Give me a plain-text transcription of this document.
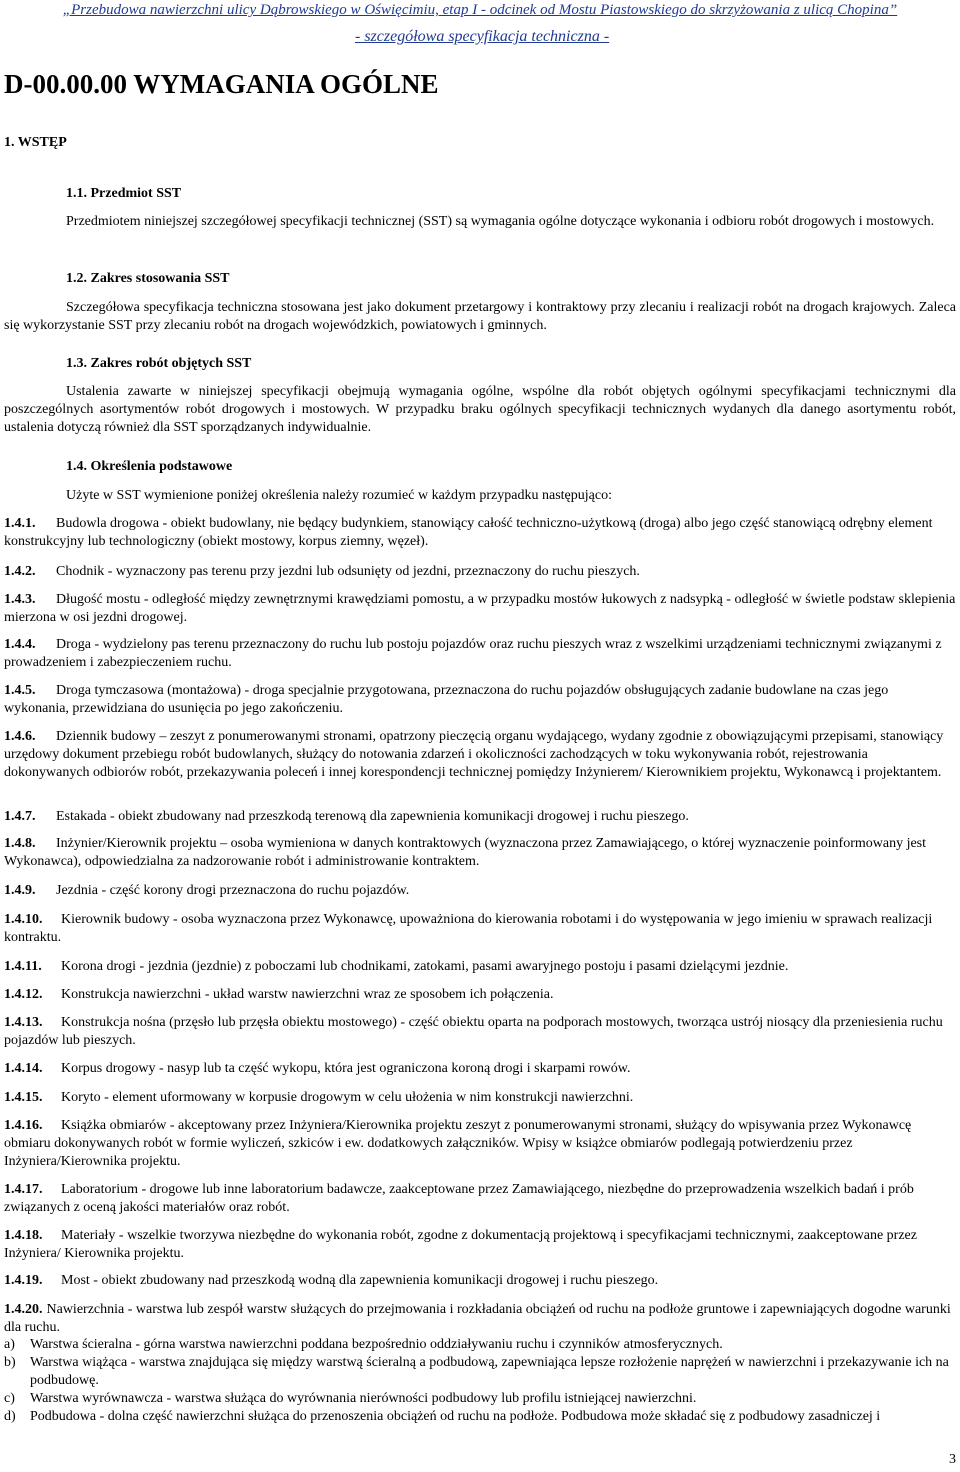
„Przebudowa nawierzchni ulicy Dąbrowskiego w Oświęcimiu, etap I - odcinek od Mostu Piastowskiego do skrzyżowania z ulicą Chopina”
- szczegółowa specyfikacja techniczna -
D-00.00.00 WYMAGANIA OGÓLNE
1. WSTĘP
1.1. Przedmiot SST
Przedmiotem niniejszej szczegółowej specyfikacji technicznej (SST) są wymagania ogólne dotyczące wykonania i odbioru robót drogowych i mostowych.
1.2. Zakres stosowania SST
Szczegółowa specyfikacja techniczna stosowana jest jako dokument przetargowy i kontraktowy przy zlecaniu i realizacji robót na drogach krajowych. Zaleca się wykorzystanie SST przy zlecaniu robót na drogach wojewódzkich, powiatowych i gminnych.
1.3. Zakres robót objętych SST
Ustalenia zawarte w niniejszej specyfikacji obejmują wymagania ogólne, wspólne dla robót objętych ogólnymi specyfikacjami technicznymi dla poszczególnych asortymentów robót drogowych i mostowych. W przypadku braku ogólnych specyfikacji technicznych wydanych dla danego asortymentu robót, ustalenia dotyczą również dla SST sporządzanych indywidualnie.
1.4. Określenia podstawowe
Użyte w SST wymienione poniżej określenia należy rozumieć w każdym przypadku następująco:
1.4.1. Budowla drogowa - obiekt budowlany, nie będący budynkiem, stanowiący całość techniczno-użytkową (droga) albo jego część stanowiącą odrębny element konstrukcyjny lub technologiczny (obiekt mostowy, korpus ziemny, węzeł).
1.4.2. Chodnik - wyznaczony pas terenu przy jezdni lub odsunięty od jezdni, przeznaczony do ruchu pieszych.
1.4.3. Długość mostu - odległość między zewnętrznymi krawędziami pomostu, a w przypadku mostów łukowych z nadsypką - odległość w świetle podstaw sklepienia mierzona w osi jezdni drogowej.
1.4.4. Droga - wydzielony pas terenu przeznaczony do ruchu lub postoju pojazdów oraz ruchu pieszych wraz z wszelkimi urządzeniami technicznymi związanymi z prowadzeniem i zabezpieczeniem ruchu.
1.4.5. Droga tymczasowa (montażowa) - droga specjalnie przygotowana, przeznaczona do ruchu pojazdów obsługujących zadanie budowlane na czas jego wykonania, przewidziana do usunięcia po jego zakończeniu.
1.4.6. Dziennik budowy – zeszyt z ponumerowanymi stronami, opatrzony pieczęcią organu wydającego, wydany zgodnie z obowiązującymi przepisami, stanowiący urzędowy dokument przebiegu robót budowlanych, służący do notowania zdarzeń i okoliczności zachodzących w toku wykonywania robót, rejestrowania dokonywanych odbiorów robót, przekazywania poleceń i innej korespondencji technicznej pomiędzy Inżynierem/ Kierownikiem projektu, Wykonawcą i projektantem.
1.4.7. Estakada - obiekt zbudowany nad przeszkodą terenową dla zapewnienia komunikacji drogowej i ruchu pieszego.
1.4.8. Inżynier/Kierownik projektu – osoba wymieniona w danych kontraktowych (wyznaczona przez Zamawiającego, o której wyznaczenie poinformowany jest Wykonawca), odpowiedzialna za nadzorowanie robót i administrowanie kontraktem.
1.4.9. Jezdnia - część korony drogi przeznaczona do ruchu pojazdów.
1.4.10. Kierownik budowy - osoba wyznaczona przez Wykonawcę, upoważniona do kierowania robotami i do występowania w jego imieniu w sprawach realizacji kontraktu.
1.4.11. Korona drogi - jezdnia (jezdnie) z poboczami lub chodnikami, zatokami, pasami awaryjnego postoju i pasami dzielącymi jezdnie.
1.4.12. Konstrukcja nawierzchni - układ warstw nawierzchni wraz ze sposobem ich połączenia.
1.4.13. Konstrukcja nośna (przęsło lub przęsła obiektu mostowego) - część obiektu oparta na podporach mostowych, tworząca ustrój niosący dla przeniesienia ruchu pojazdów lub pieszych.
1.4.14. Korpus drogowy - nasyp lub ta część wykopu, która jest ograniczona koroną drogi i skarpami rowów.
1.4.15. Koryto - element uformowany w korpusie drogowym w celu ułożenia w nim konstrukcji nawierzchni.
1.4.16. Książka obmiarów - akceptowany przez Inżyniera/Kierownika projektu zeszyt z ponumerowanymi stronami, służący do wpisywania przez Wykonawcę obmiaru dokonywanych robót w formie wyliczeń, szkiców i ew. dodatkowych załączników. Wpisy w książce obmiarów podlegają potwierdzeniu przez Inżyniera/Kierownika projektu.
1.4.17. Laboratorium - drogowe lub inne laboratorium badawcze, zaakceptowane przez Zamawiającego, niezbędne do przeprowadzenia wszelkich badań i prób związanych z oceną jakości materiałów oraz robót.
1.4.18. Materiały - wszelkie tworzywa niezbędne do wykonania robót, zgodne z dokumentacją projektową i specyfikacjami technicznymi, zaakceptowane przez Inżyniera/ Kierownika projektu.
1.4.19. Most - obiekt zbudowany nad przeszkodą wodną dla zapewnienia komunikacji drogowej i ruchu pieszego.
1.4.20. Nawierzchnia - warstwa lub zespół warstw służących do przejmowania i rozkładania obciążeń od ruchu na podłoże gruntowe i zapewniających dogodne warunki dla ruchu.
a)	Warstwa ścieralna - górna warstwa nawierzchni poddana bezpośrednio oddziaływaniu ruchu i czynników atmosferycznych.
b)	Warstwa wiążąca - warstwa znajdująca się między warstwą ścieralną a podbudową, zapewniająca lepsze rozłożenie naprężeń w nawierzchni i przekazywanie ich na podbudowę.
c)	Warstwa wyrównawcza - warstwa służąca do wyrównania nierówności podbudowy lub profilu istniejącej nawierzchni.
d)	Podbudowa - dolna część nawierzchni służąca do przenoszenia obciążeń od ruchu na podłoże. Podbudowa może składać się z podbudowy zasadniczej i
3
